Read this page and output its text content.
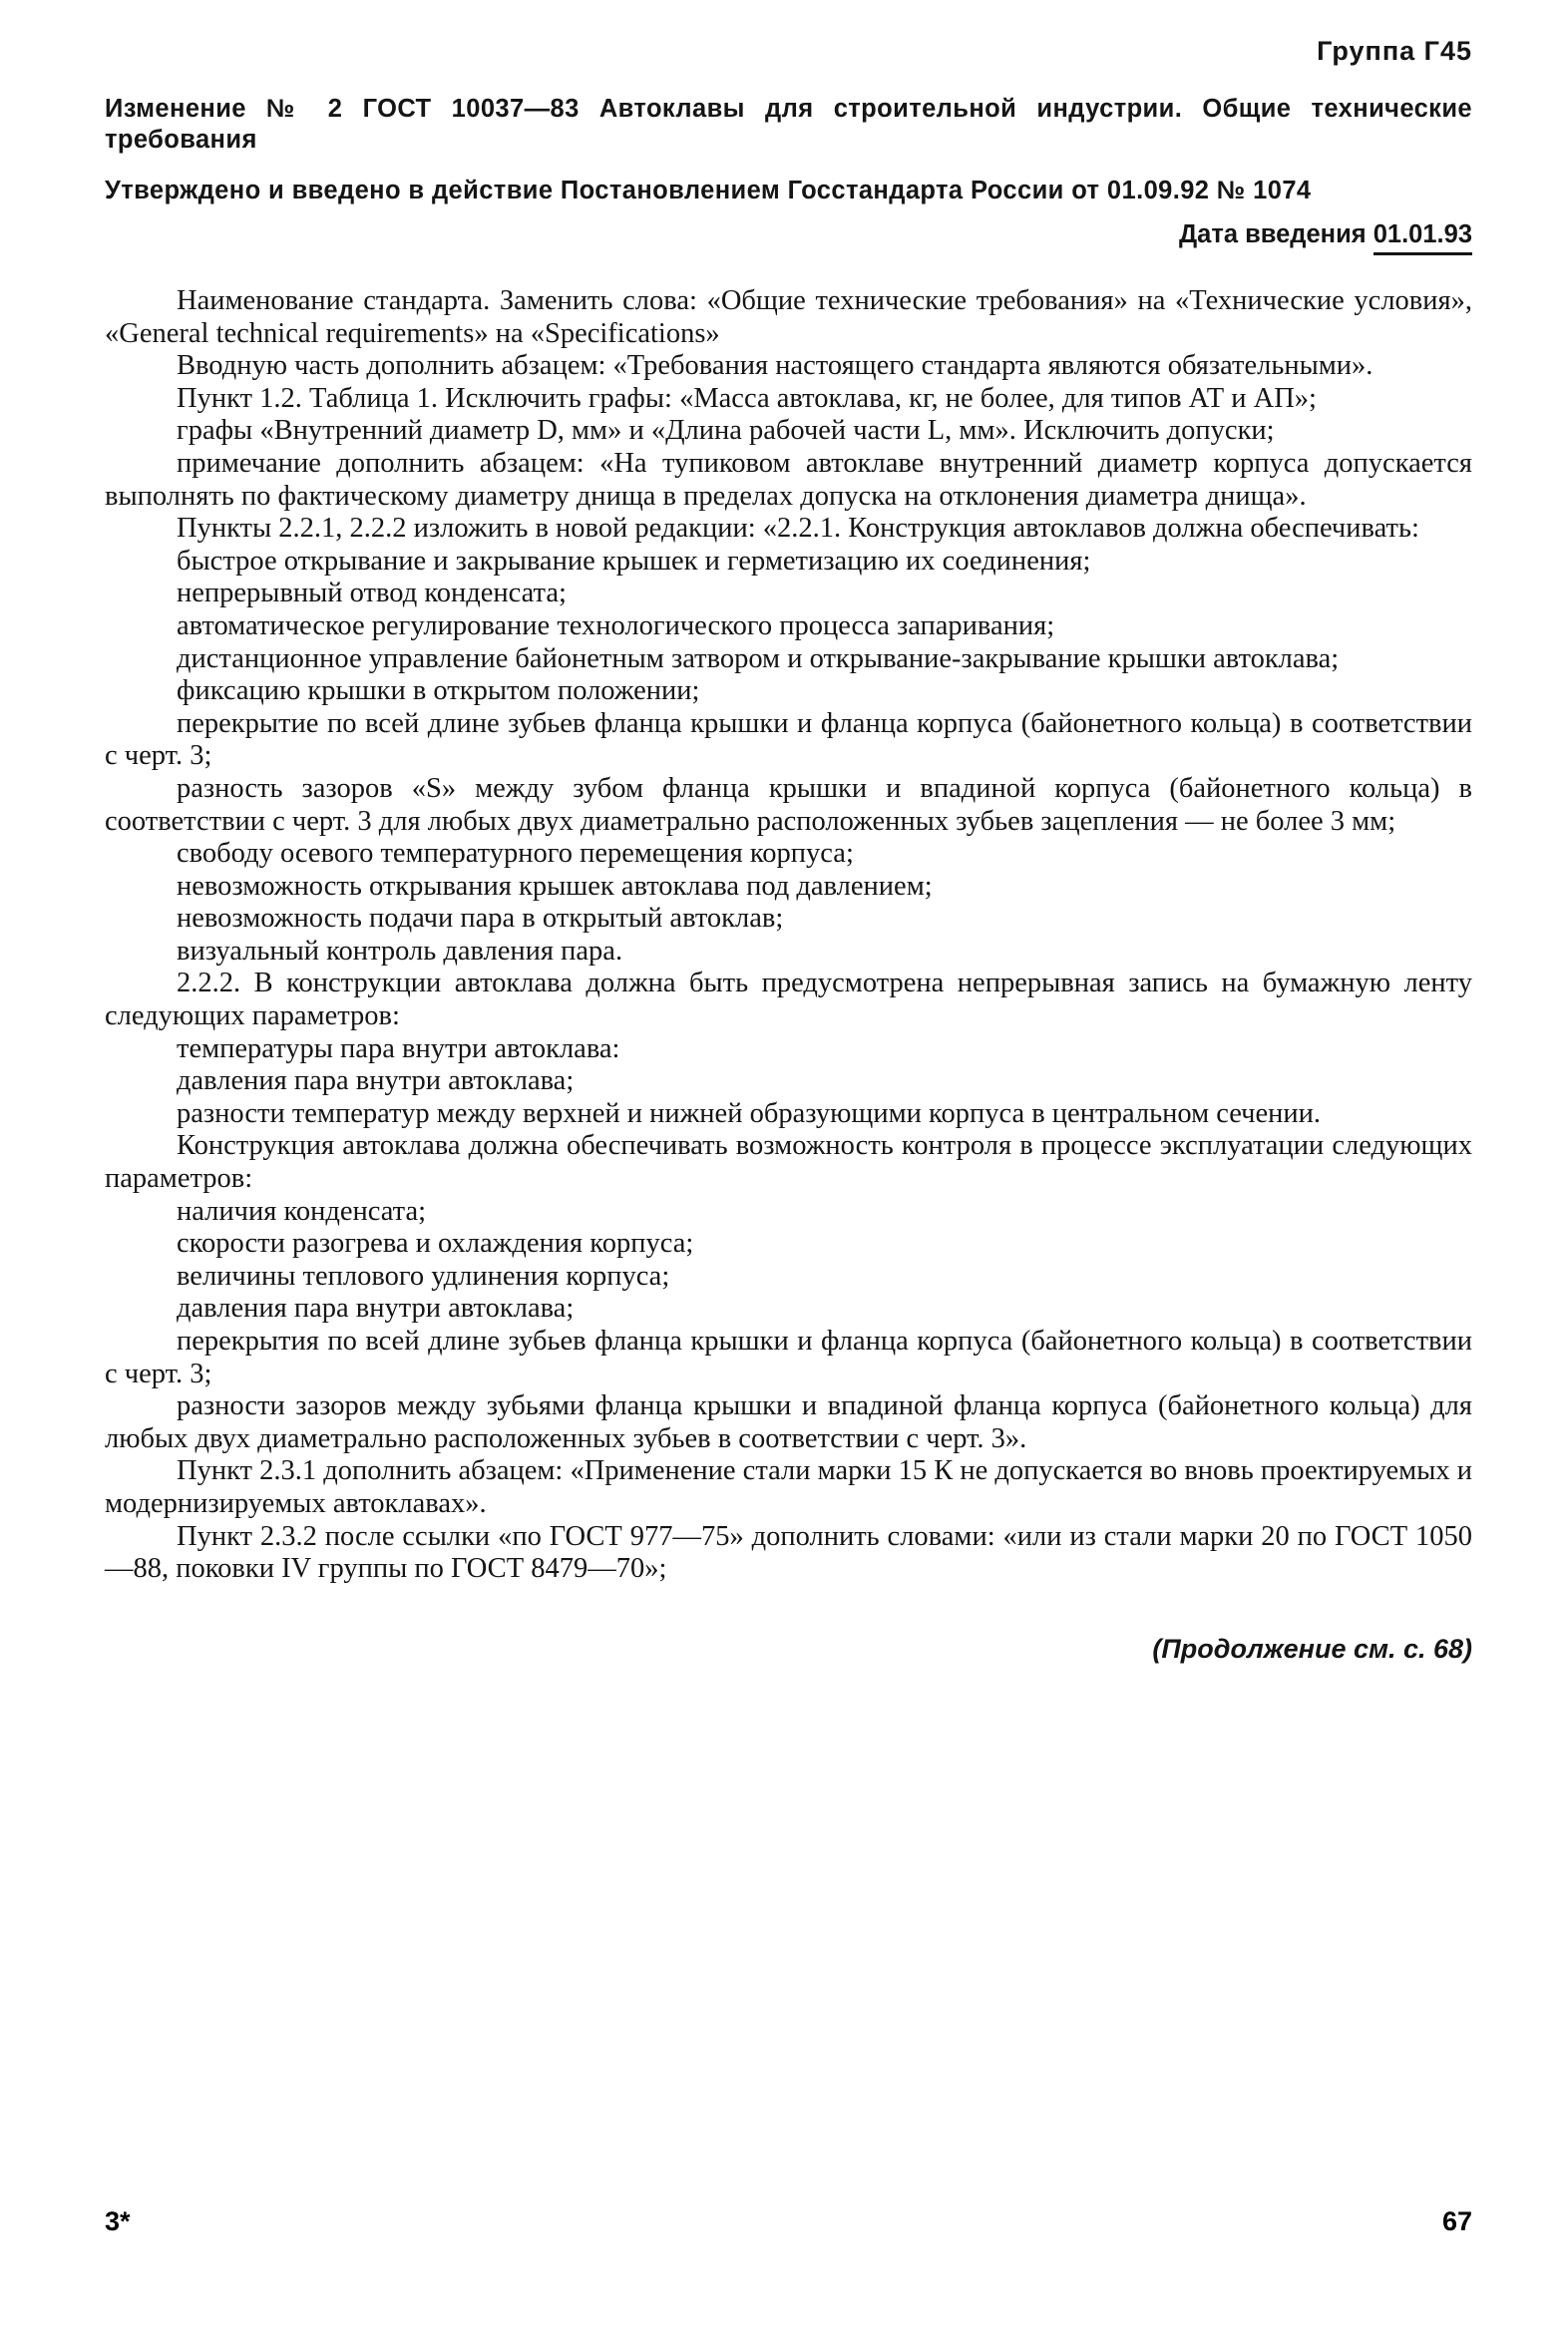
Группа Г45

Изменение № 2 ГОСТ 10037—83 Автоклавы для строительной индустрии. Общие технические требования

Утверждено и введено в действие Постановлением Госстандарта России от 01.09.92 № 1074

Дата введения 01.01.93

Наименование стандарта. Заменить слова: «Общие технические требования» на «Технические условия», «General technical requirements» на «Specifications»

Вводную часть дополнить абзацем: «Требования настоящего стандарта являются обязательными».

Пункт 1.2. Таблица 1. Исключить графы: «Масса автоклава, кг, не более, для типов АТ и АП»;

графы «Внутренний диаметр D, мм» и «Длина рабочей части L, мм». Исключить допуски;

примечание дополнить абзацем: «На тупиковом автоклаве внутренний диаметр корпуса допускается выполнять по фактическому диаметру днища в пределах допуска на отклонения диаметра днища».

Пункты 2.2.1, 2.2.2 изложить в новой редакции: «2.2.1. Конструкция автоклавов должна обеспечивать:

быстрое открывание и закрывание крышек и герметизацию их соединения;

непрерывный отвод конденсата;

автоматическое регулирование технологического процесса запаривания;

дистанционное управление байонетным затвором и открывание-закрывание крышки автоклава;

фиксацию крышки в открытом положении;

перекрытие по всей длине зубьев фланца крышки и фланца корпуса (байонетного кольца) в соответствии с черт. 3;

разность зазоров «S» между зубом фланца крышки и впадиной корпуса (байонетного кольца) в соответствии с черт. 3 для любых двух диаметрально расположенных зубьев зацепления — не более 3 мм;

свободу осевого температурного перемещения корпуса;

невозможность открывания крышек автоклава под давлением;

невозможность подачи пара в открытый автоклав;

визуальный контроль давления пара.

2.2.2. В конструкции автоклава должна быть предусмотрена непрерывная запись на бумажную ленту следующих параметров:

температуры пара внутри автоклава:

давления пара внутри автоклава;

разности температур между верхней и нижней образующими корпуса в центральном сечении.

Конструкция автоклава должна обеспечивать возможность контроля в процессе эксплуатации следующих параметров:

наличия конденсата;

скорости разогрева и охлаждения корпуса;

величины теплового удлинения корпуса;

давления пара внутри автоклава;

перекрытия по всей длине зубьев фланца крышки и фланца корпуса (байонетного кольца) в соответствии с черт. 3;

разности зазоров между зубьями фланца крышки и впадиной фланца корпуса (байонетного кольца) для любых двух диаметрально расположенных зубьев в соответствии с черт. 3».

Пункт 2.3.1 дополнить абзацем: «Применение стали марки 15 К не допускается во вновь проектируемых и модернизируемых автоклавах».

Пункт 2.3.2 после ссылки «по ГОСТ 977—75» дополнить словами: «или из стали марки 20 по ГОСТ 1050—88, поковки IV группы по ГОСТ 8479—70»;

(Продолжение см. с. 68)
3*	67
